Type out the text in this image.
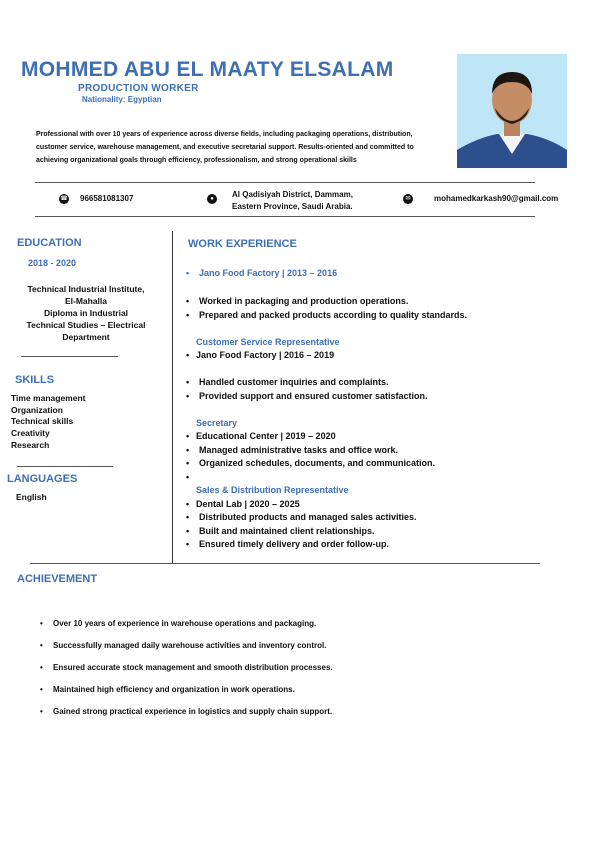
MOHMED ABU EL MAATY ELSALAM
PRODUCTION WORKER
Nationality: Egyptian
Professional with over 10 years of experience across diverse fields, including packaging operations, distribution, customer service, warehouse management, and executive secretarial support. Results-oriented and committed to achieving organizational goals through efficiency, professionalism, and strong operational skills
☎ 966581081307	●	Al Qadisiyah District, Dammam,
Eastern Province, Saudi Arabia.
✉	mohamedkarkash90@gmail.com
EDUCATION
2018 - 2020
Technical Industrial Institute,
El-Mahalla
Diploma in Industrial
Technical Studies – Electrical
Department
SKILLS
Time management
Organization
Technical skills
Creativity
Research
LANGUAGES
English
WORK EXPERIENCE
• Jano Food Factory | 2013 – 2016
• Worked in packaging and production operations.
• Prepared and packed products according to quality standards.
Customer Service Representative
• Jano Food Factory | 2016 – 2019
• Handled customer inquiries and complaints.
• Provided support and ensured customer satisfaction.
Secretary
• Educational Center | 2019 – 2020
• Managed administrative tasks and office work.
• Organized schedules, documents, and communication.
•
Sales & Distribution Representative
• Dental Lab | 2020 – 2025
• Distributed products and managed sales activities.
• Built and maintained client relationships.
• Ensured timely delivery and order follow-up.
ACHIEVEMENT
• Over 10 years of experience in warehouse operations and packaging.
• Successfully managed daily warehouse activities and inventory control.
• Ensured accurate stock management and smooth distribution processes.
• Maintained high efficiency and organization in work operations.
• Gained strong practical experience in logistics and supply chain support.
